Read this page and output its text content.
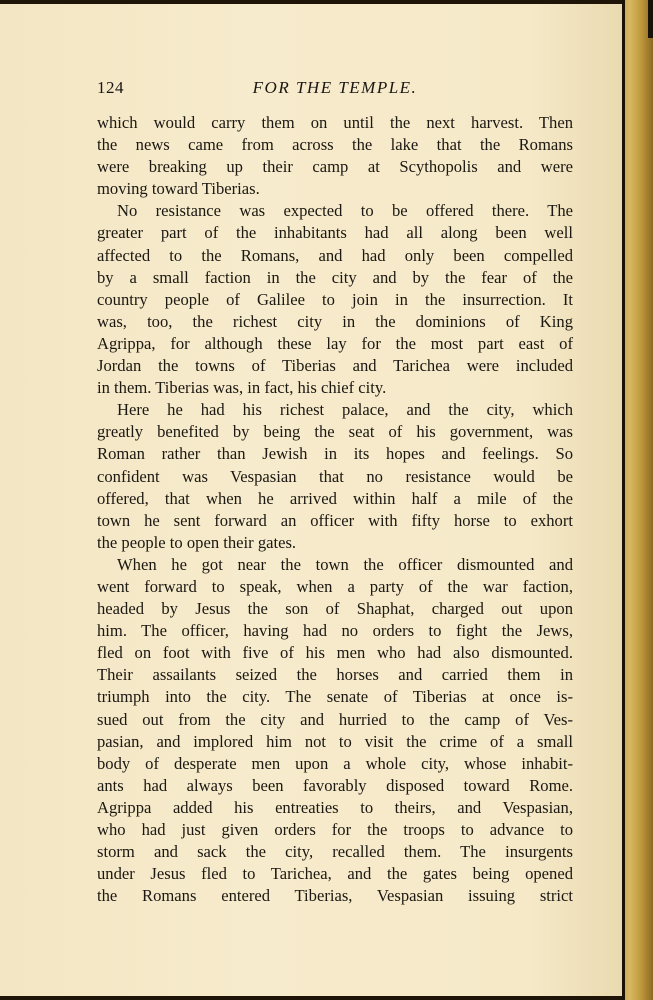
124	FOR THE TEMPLE.
which would carry them on until the next harvest. Then
the news came from across the lake that the Romans
were breaking up their camp at Scythopolis and were
moving toward Tiberias.
No resistance was expected to be offered there. The
greater part of the inhabitants had all along been well
affected to the Romans, and had only been compelled
by a small faction in the city and by the fear of the
country people of Galilee to join in the insurrection. It
was, too, the richest city in the dominions of King
Agrippa, for although these lay for the most part east of
Jordan the towns of Tiberias and Tarichea were included
in them. Tiberias was, in fact, his chief city.
Here he had his richest palace, and the city, which
greatly benefited by being the seat of his government, was
Roman rather than Jewish in its hopes and feelings. So
confident was Vespasian that no resistance would be
offered, that when he arrived within half a mile of the
town he sent forward an officer with fifty horse to exhort
the people to open their gates.
When he got near the town the officer dismounted and
went forward to speak, when a party of the war faction,
headed by Jesus the son of Shaphat, charged out upon
him. The officer, having had no orders to fight the Jews,
fled on foot with five of his men who had also dismounted.
Their assailants seized the horses and carried them in
triumph into the city. The senate of Tiberias at once is-
sued out from the city and hurried to the camp of Ves-
pasian, and implored him not to visit the crime of a small
body of desperate men upon a whole city, whose inhabit-
ants had always been favorably disposed toward Rome.
Agrippa added his entreaties to theirs, and Vespasian,
who had just given orders for the troops to advance to
storm and sack the city, recalled them. The insurgents
under Jesus fled to Tarichea, and the gates being opened
the Romans entered Tiberias, Vespasian issuing strict
